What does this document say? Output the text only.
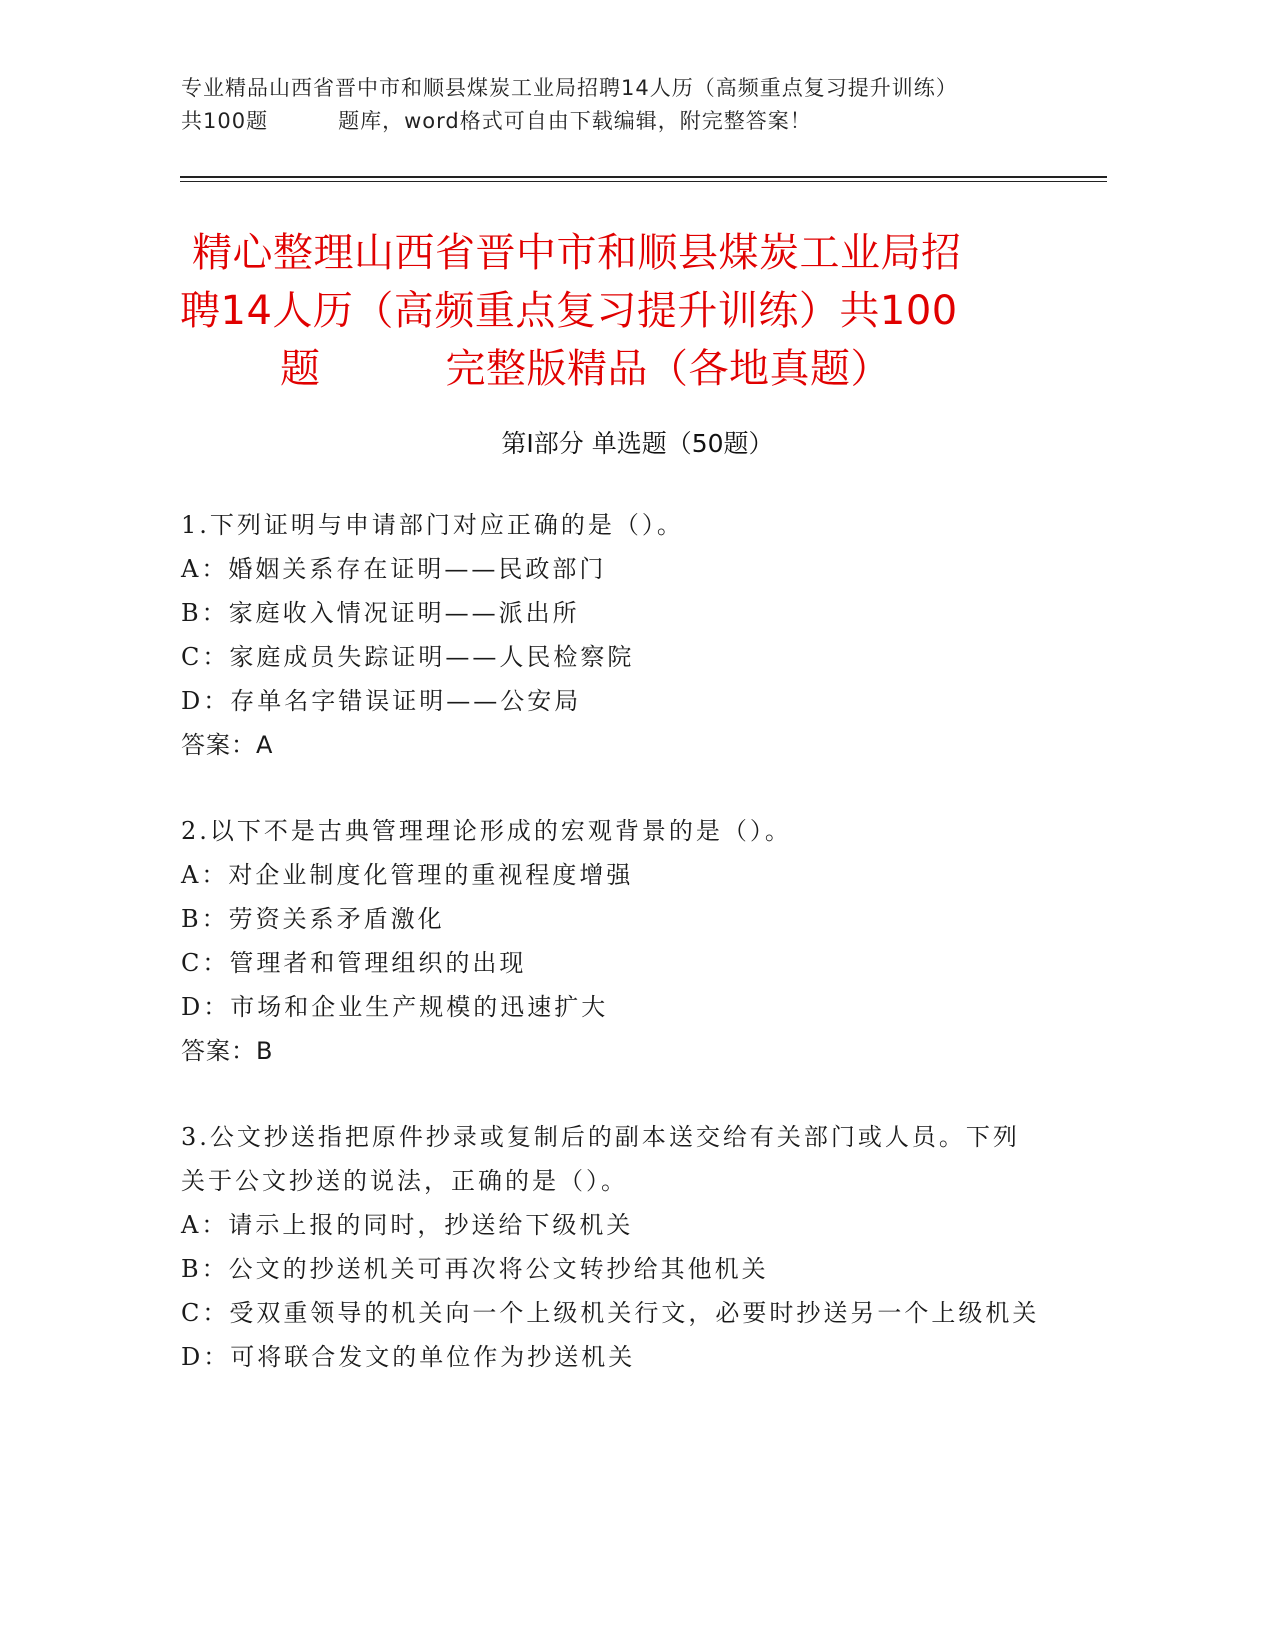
专业精品山西省晋中市和顺县煤炭工业局招聘14人历（高频重点复习提升训练）
共100题	题库，word格式可自由下载编辑，附完整答案！
精心整理山西省晋中市和顺县煤炭工业局招
聘14人历（高频重点复习提升训练）共100
题	完整版精品（各地真题）
第Ⅰ部分 单选题（50题）
1.下列证明与申请部门对应正确的是（）。
A：婚姻关系存在证明——民政部门
B：家庭收入情况证明——派出所
C：家庭成员失踪证明——人民检察院
D：存单名字错误证明——公安局
答案：A
2.以下不是古典管理理论形成的宏观背景的是（）。
A：对企业制度化管理的重视程度增强
B：劳资关系矛盾激化
C：管理者和管理组织的出现
D：市场和企业生产规模的迅速扩大
答案：B
3.公文抄送指把原件抄录或复制后的副本送交给有关部门或人员。下列关于公文抄送的说法，正确的是（）。
A：请示上报的同时，抄送给下级机关
B：公文的抄送机关可再次将公文转抄给其他机关
C：受双重领导的机关向一个上级机关行文，必要时抄送另一个上级机关
D：可将联合发文的单位作为抄送机关
